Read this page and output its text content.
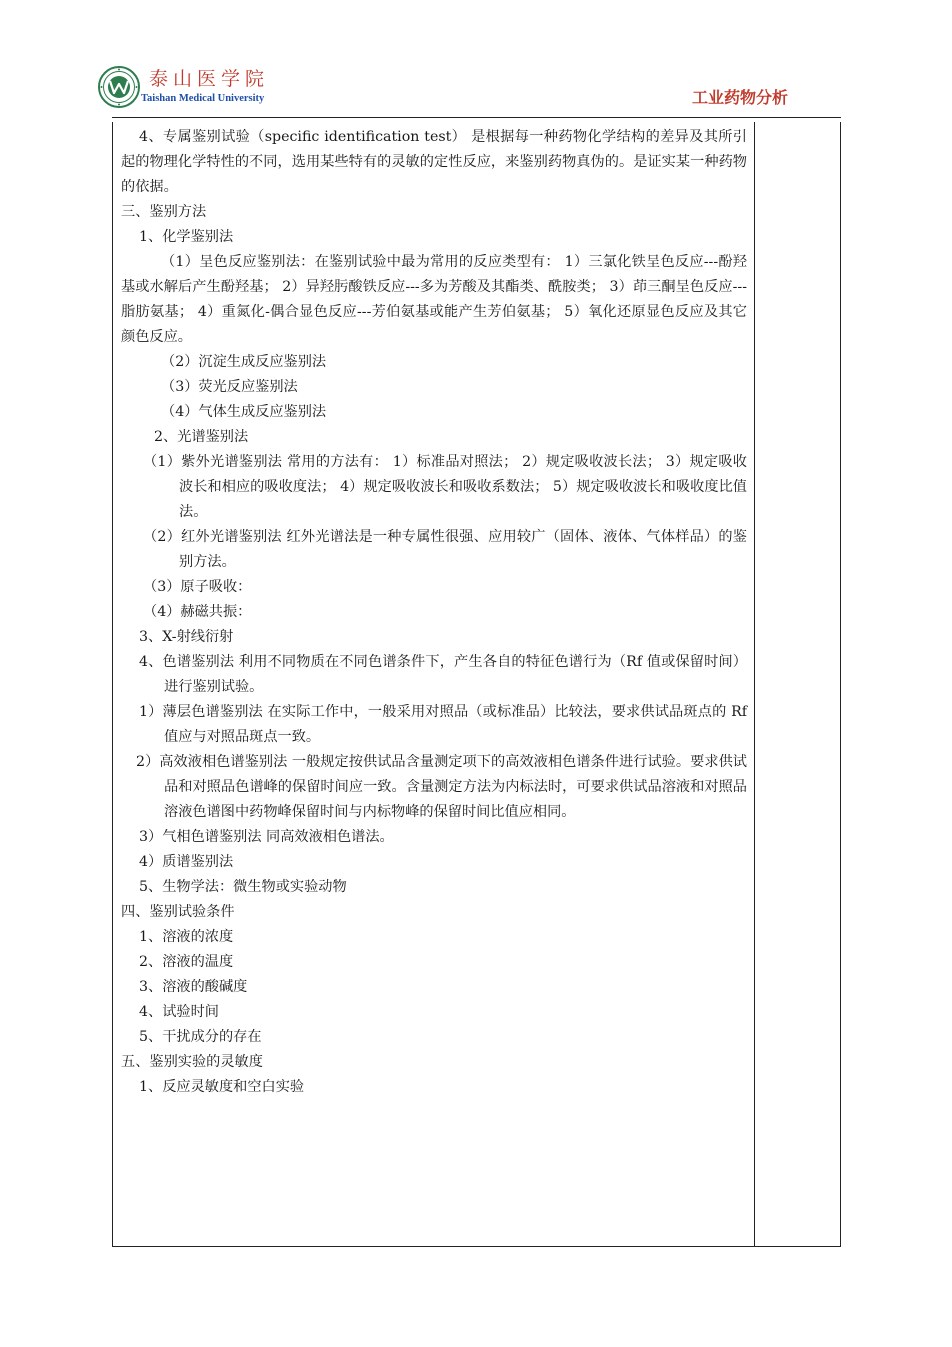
泰山医学院
Taishan Medical University	工业药物分析

4、专属鉴别试验（specific identification test） 是根据每一种药物化学结构的差异及其所引起的物理化学特性的不同，选用某些特有的灵敏的定性反应，来鉴别药物真伪的。是证实某一种药物的依据。

三、鉴别方法

1、化学鉴别法

（1）呈色反应鉴别法：在鉴别试验中最为常用的反应类型有： 1）三氯化铁呈色反应---酚羟基或水解后产生酚羟基； 2）异羟肟酸铁反应---多为芳酸及其酯类、酰胺类； 3）茚三酮呈色反应---脂肪氨基； 4）重氮化-偶合显色反应---芳伯氨基或能产生芳伯氨基； 5）氧化还原显色反应及其它颜色反应。

（2）沉淀生成反应鉴别法

（3）荧光反应鉴别法

（4）气体生成反应鉴别法

2、光谱鉴别法

（1）紫外光谱鉴别法 常用的方法有： 1）标准品对照法； 2）规定吸收波长法； 3）规定吸收波长和相应的吸收度法； 4）规定吸收波长和吸收系数法； 5）规定吸收波长和吸收度比值法。

（2）红外光谱鉴别法 红外光谱法是一种专属性很强、应用较广（固体、液体、气体样品）的鉴别方法。

（3）原子吸收：

（4）赫磁共振：

3、X-射线衍射

4、色谱鉴别法 利用不同物质在不同色谱条件下，产生各自的特征色谱行为（Rf 值或保留时间）进行鉴别试验。

1）薄层色谱鉴别法 在实际工作中，一般采用对照品（或标准品）比较法，要求供试品斑点的 Rf 值应与对照品斑点一致。

2）高效液相色谱鉴别法 一般规定按供试品含量测定项下的高效液相色谱条件进行试验。要求供试品和对照品色谱峰的保留时间应一致。含量测定方法为内标法时，可要求供试品溶液和对照品溶液色谱图中药物峰保留时间与内标物峰的保留时间比值应相同。

3）气相色谱鉴别法 同高效液相色谱法。

4）质谱鉴别法

5、生物学法：微生物或实验动物

四、鉴别试验条件

1、溶液的浓度

2、溶液的温度

3、溶液的酸碱度

4、试验时间

5、干扰成分的存在

五、鉴别实验的灵敏度

1、反应灵敏度和空白实验
